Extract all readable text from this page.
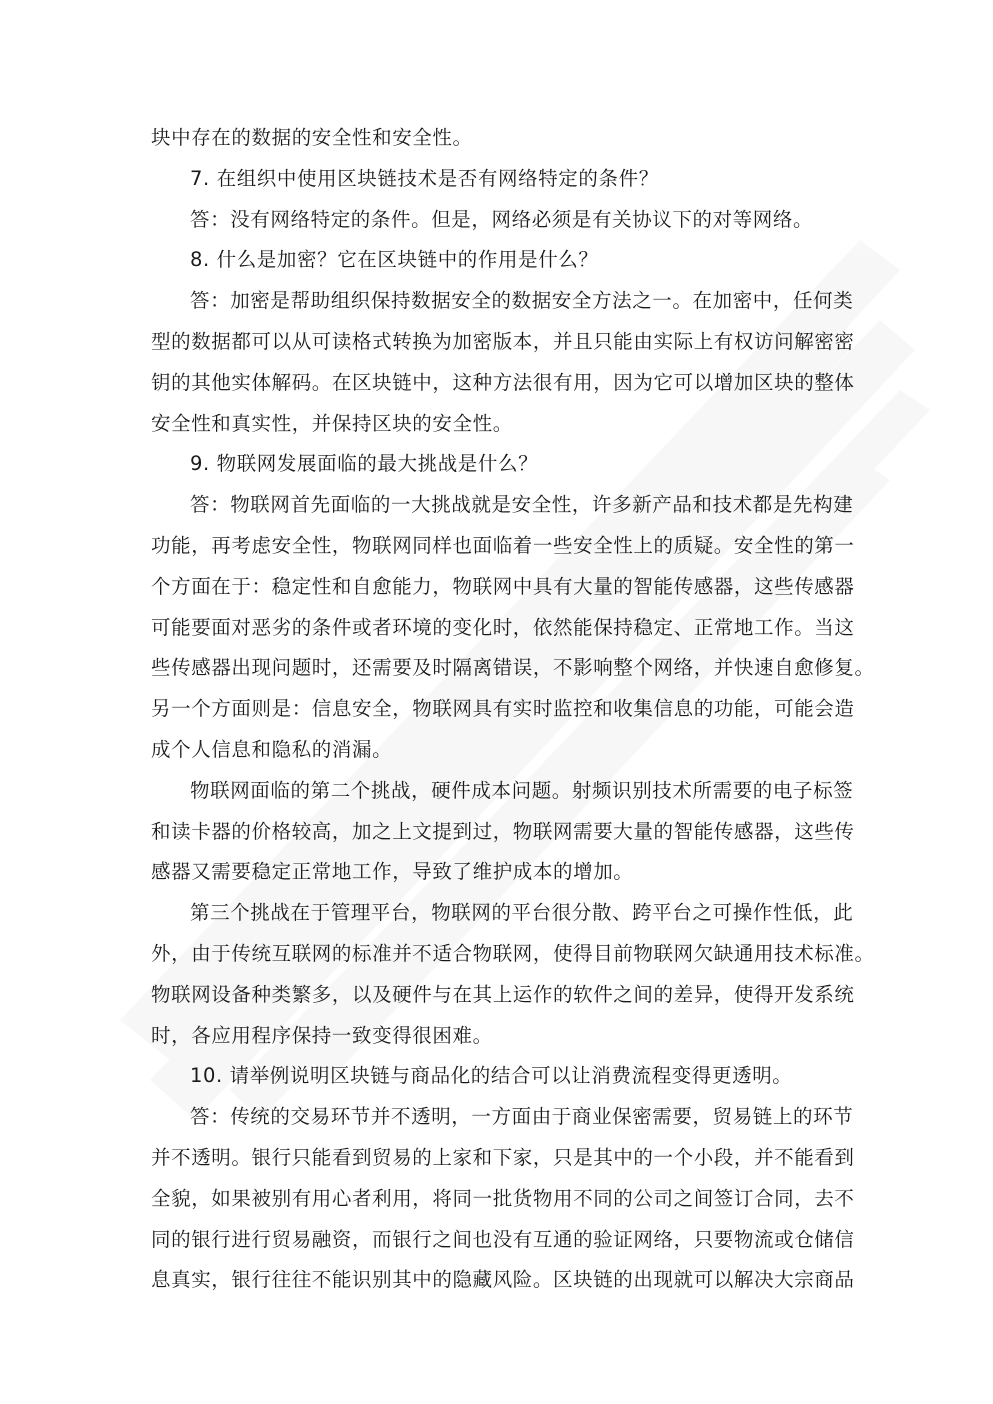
块中存在的数据的安全性和安全性。
7. 在组织中使用区块链技术是否有网络特定的条件？
答：没有网络特定的条件。但是，网络必须是有关协议下的对等网络。
8. 什么是加密？它在区块链中的作用是什么？
答：加密是帮助组织保持数据安全的数据安全方法之一。在加密中，任何类
型的数据都可以从可读格式转换为加密版本，并且只能由实际上有权访问解密密
钥的其他实体解码。在区块链中，这种方法很有用，因为它可以增加区块的整体
安全性和真实性，并保持区块的安全性。
9. 物联网发展面临的最大挑战是什么？
答：物联网首先面临的一大挑战就是安全性，许多新产品和技术都是先构建
功能，再考虑安全性，物联网同样也面临着一些安全性上的质疑。安全性的第一
个方面在于：稳定性和自愈能力，物联网中具有大量的智能传感器，这些传感器
可能要面对恶劣的条件或者环境的变化时，依然能保持稳定、正常地工作。当这
些传感器出现问题时，还需要及时隔离错误，不影响整个网络，并快速自愈修复。
另一个方面则是：信息安全，物联网具有实时监控和收集信息的功能，可能会造
成个人信息和隐私的消漏。
物联网面临的第二个挑战，硬件成本问题。射频识别技术所需要的电子标签
和读卡器的价格较高，加之上文提到过，物联网需要大量的智能传感器，这些传
感器又需要稳定正常地工作，导致了维护成本的增加。
第三个挑战在于管理平台，物联网的平台很分散、跨平台之可操作性低，此
外，由于传统互联网的标准并不适合物联网，使得目前物联网欠缺通用技术标准。
物联网设备种类繁多，以及硬件与在其上运作的软件之间的差异，使得开发系统
时，各应用程序保持一致变得很困难。
10. 请举例说明区块链与商品化的结合可以让消费流程变得更透明。
答：传统的交易环节并不透明，一方面由于商业保密需要，贸易链上的环节
并不透明。银行只能看到贸易的上家和下家，只是其中的一个小段，并不能看到
全貌，如果被别有用心者利用，将同一批货物用不同的公司之间签订合同，去不
同的银行进行贸易融资，而银行之间也没有互通的验证网络，只要物流或仓储信
息真实，银行往往不能识别其中的隐藏风险。区块链的出现就可以解决大宗商品
